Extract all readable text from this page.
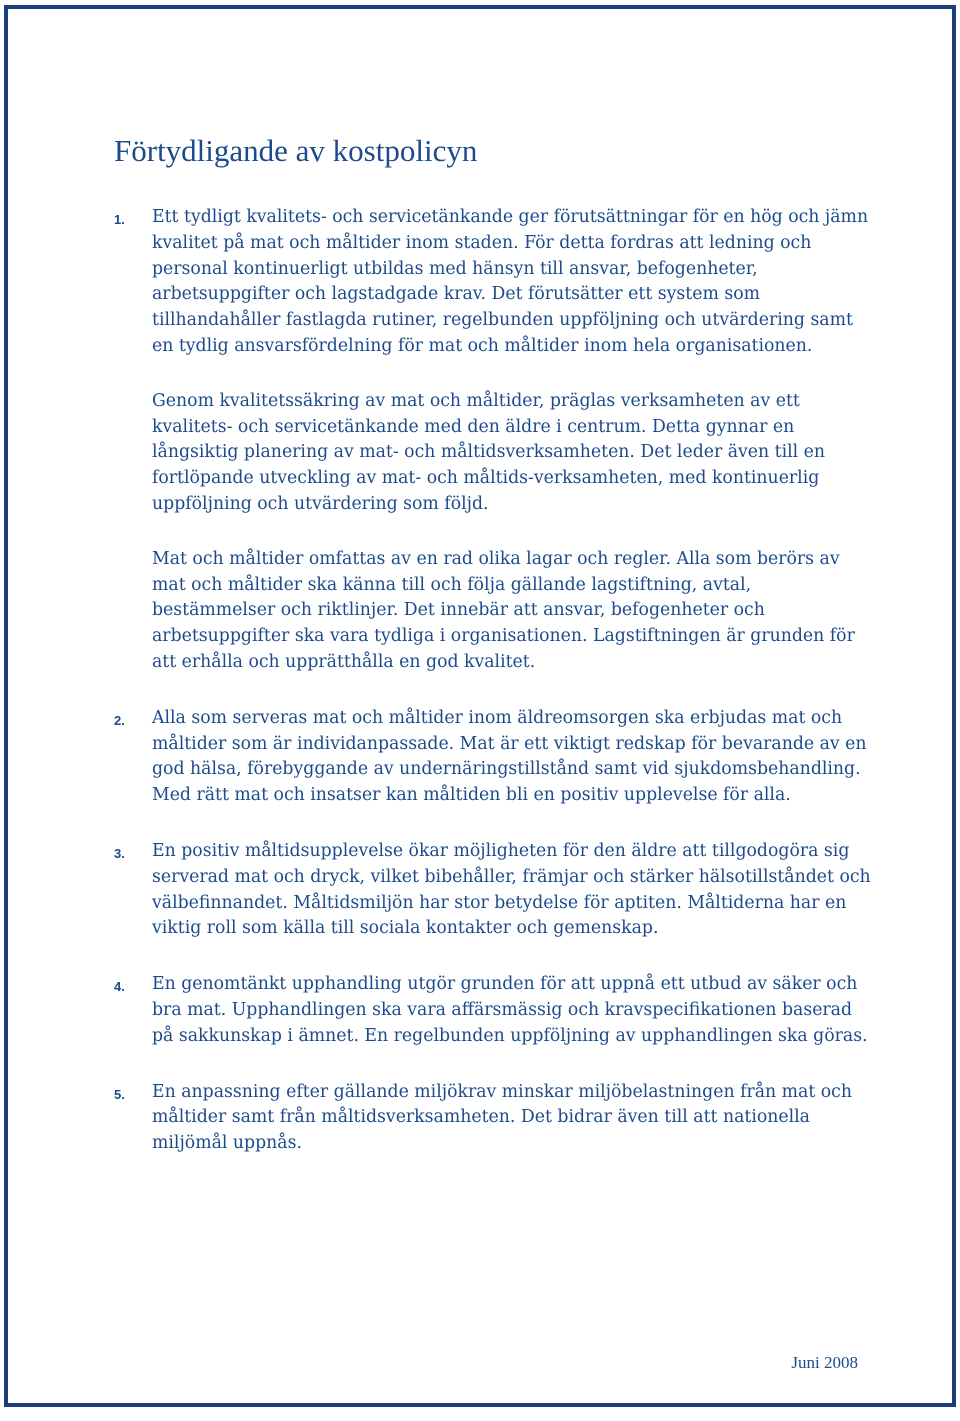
Förtydligande av kostpolicyn
1.	Ett tydligt kvalitets- och servicetänkande ger förutsättningar för en hög och jämn kvalitet på mat och måltider inom staden. För detta fordras att ledning och personal kontinuerligt utbildas med hänsyn till ansvar, befogenheter, arbetsuppgifter och lagstadgade krav. Det förutsätter ett system som tillhandahåller fastlagda rutiner, regelbunden uppföljning och utvärdering samt en tydlig ansvarsfördelning för mat och måltider inom hela organisationen.

Genom kvalitetssäkring av mat och måltider, präglas verksamheten av ett kvalitets- och servicetänkande med den äldre i centrum. Detta gynnar en långsiktig planering av mat- och måltidsverksamheten. Det leder även till en fortlöpande utveckling av mat- och måltids-verksamheten, med kontinuerlig uppföljning och utvärdering som följd.

Mat och måltider omfattas av en rad olika lagar och regler. Alla som berörs av mat och måltider ska känna till och följa gällande lagstiftning, avtal, bestämmelser och riktlinjer. Det innebär att ansvar, befogenheter och arbetsuppgifter ska vara tydliga i organisationen. Lagstiftningen är grunden för att erhålla och upprätthålla en god kvalitet.

2.	Alla som serveras mat och måltider inom äldreomsorgen ska erbjudas mat och måltider som är individanpassade. Mat är ett viktigt redskap för bevarande av en god hälsa, förebyggande av undernäringstillstånd samt vid sjukdomsbehandling. Med rätt mat och insatser kan måltiden bli en positiv upplevelse för alla.

3.	En positiv måltidsupplevelse ökar möjligheten för den äldre att tillgodogöra sig serverad mat och dryck, vilket bibehåller, främjar och stärker hälsotillståndet och välbefinnandet. Måltidsmiljön har stor betydelse för aptiten. Måltiderna har en viktig roll som källa till sociala kontakter och gemenskap.

4.	En genomtänkt upphandling utgör grunden för att uppnå ett utbud av säker och bra mat. Upphandlingen ska vara affärsmässig och kravspecifikationen baserad på sakkunskap i ämnet. En regelbunden uppföljning av upphandlingen ska göras.

5.	En anpassning efter gällande miljökrav minskar miljöbelastningen från mat och måltider samt från måltidsverksamheten. Det bidrar även till att nationella miljömål uppnås.

Juni 2008
